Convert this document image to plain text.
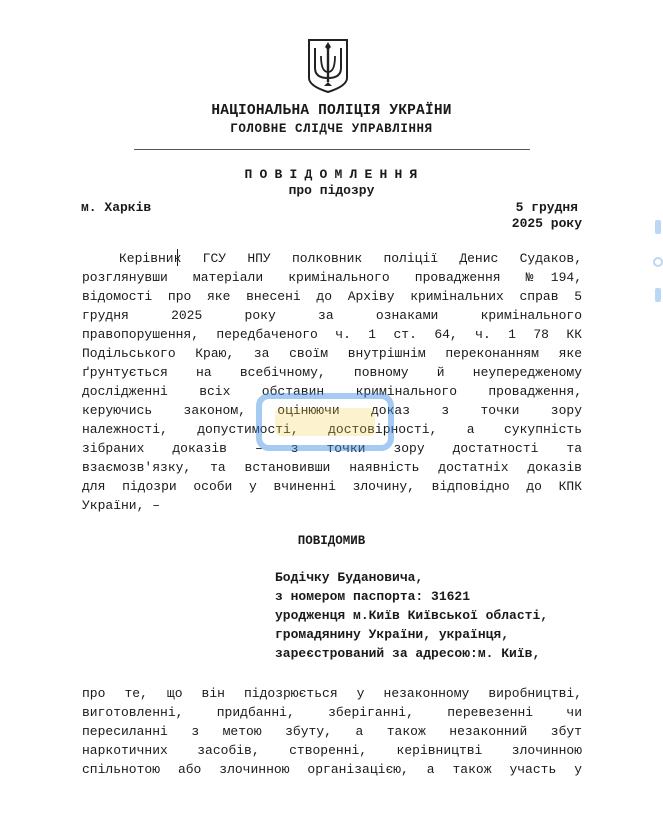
НАЦІОНАЛЬНА ПОЛІЦІЯ УКРАЇНИ
ГОЛОВНЕ СЛІДЧЕ УПРАВЛІННЯ
ПОВІДОМЛЕННЯ
про підозру
м. Харків	5 грудня
2025 року
Керівник ГСУ НПУ полковник поліції Денис Судаков,
розглянувши матеріали кримінального провадження №194,
відомості про яке внесені до Архіву кримінальних справ 5
грудня 2025 року за ознаками кримінального
правопорушення, передбаченого ч. 1 ст. 64, ч. 1 78 КК
Подільського Краю, за своїм внутрішнім переконанням яке
ґрунтується на всебічному, повному й неупередженому
дослідженні всіх обставин кримінального провадження,
керуючись законом, оцінюючи доказ з точки зору
належності, допустимості, достовірності, а сукупність
зібраних доказів – з точки зору достатності та
взаємозв'язку, та встановивши наявність достатніх доказів
для підозри особи у вчиненні злочину, відповідно до КПК
України, –
ПОВІДОМИВ
Бодічку Будановича,
з номером паспорта: 31621
уродженця м.Київ Київської області,
громадянину України, українця,
зареєстрований за адресою:м. Київ,
про те, що він підозрюється у незаконному виробництві,
виготовленні, придбанні, зберіганні, перевезенні чи
пересиланні з метою збуту, а також незаконний збут
наркотичних засобів, створенні, керівництві злочинною
спільнотою або злочинною організацією, а також участь у
